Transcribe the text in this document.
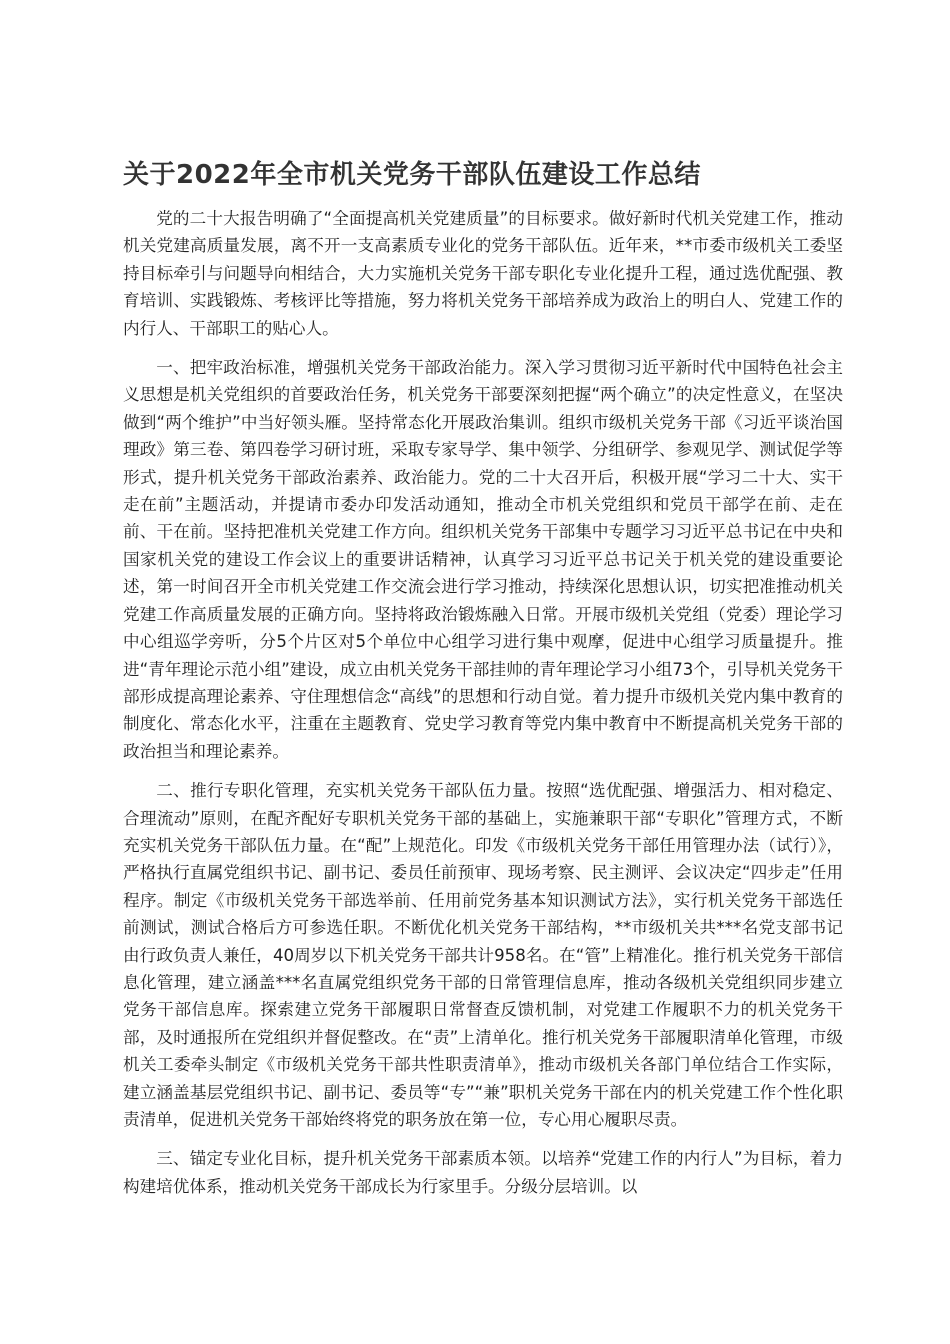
关于2022年全市机关党务干部队伍建设工作总结

党的二十大报告明确了“全面提高机关党建质量”的目标要求。做好新时代机关党建工作，推动机关党建高质量发展，离不开一支高素质专业化的党务干部队伍。近年来，**市委市级机关工委坚持目标牵引与问题导向相结合，大力实施机关党务干部专职化专业化提升工程，通过选优配强、教育培训、实践锻炼、考核评比等措施，努力将机关党务干部培养成为政治上的明白人、党建工作的内行人、干部职工的贴心人。

一、把牢政治标准，增强机关党务干部政治能力。深入学习贯彻习近平新时代中国特色社会主义思想是机关党组织的首要政治任务，机关党务干部要深刻把握“两个确立”的决定性意义，在坚决做到“两个维护”中当好领头雁。坚持常态化开展政治集训。组织市级机关党务干部《习近平谈治国理政》第三卷、第四卷学习研讨班，采取专家导学、集中领学、分组研学、参观见学、测试促学等形式，提升机关党务干部政治素养、政治能力。党的二十大召开后，积极开展“学习二十大、实干走在前”主题活动，并提请市委办印发活动通知，推动全市机关党组织和党员干部学在前、走在前、干在前。坚持把准机关党建工作方向。组织机关党务干部集中专题学习习近平总书记在中央和国家机关党的建设工作会议上的重要讲话精神，认真学习习近平总书记关于机关党的建设重要论述，第一时间召开全市机关党建工作交流会进行学习推动，持续深化思想认识，切实把准推动机关党建工作高质量发展的正确方向。坚持将政治锻炼融入日常。开展市级机关党组（党委）理论学习中心组巡学旁听，分5个片区对5个单位中心组学习进行集中观摩，促进中心组学习质量提升。推进“青年理论示范小组”建设，成立由机关党务干部挂帅的青年理论学习小组73个，引导机关党务干部形成提高理论素养、守住理想信念“高线”的思想和行动自觉。着力提升市级机关党内集中教育的制度化、常态化水平，注重在主题教育、党史学习教育等党内集中教育中不断提高机关党务干部的政治担当和理论素养。

二、推行专职化管理，充实机关党务干部队伍力量。按照“选优配强、增强活力、相对稳定、合理流动”原则，在配齐配好专职机关党务干部的基础上，实施兼职干部“专职化”管理方式，不断充实机关党务干部队伍力量。在“配”上规范化。印发《市级机关党务干部任用管理办法（试行）》，严格执行直属党组织书记、副书记、委员任前预审、现场考察、民主测评、会议决定“四步走”任用程序。制定《市级机关党务干部选举前、任用前党务基本知识测试方法》，实行机关党务干部选任前测试，测试合格后方可参选任职。不断优化机关党务干部结构，**市级机关共***名党支部书记由行政负责人兼任，40周岁以下机关党务干部共计958名。在“管”上精准化。推行机关党务干部信息化管理，建立涵盖***名直属党组织党务干部的日常管理信息库，推动各级机关党组织同步建立党务干部信息库。探索建立党务干部履职日常督查反馈机制，对党建工作履职不力的机关党务干部，及时通报所在党组织并督促整改。在“责”上清单化。推行机关党务干部履职清单化管理，市级机关工委牵头制定《市级机关党务干部共性职责清单》，推动市级机关各部门单位结合工作实际，建立涵盖基层党组织书记、副书记、委员等“专”“兼”职机关党务干部在内的机关党建工作个性化职责清单，促进机关党务干部始终将党的职务放在第一位，专心用心履职尽责。

三、锚定专业化目标，提升机关党务干部素质本领。以培养“党建工作的内行人”为目标，着力构建培优体系，推动机关党务干部成长为行家里手。分级分层培训。以
